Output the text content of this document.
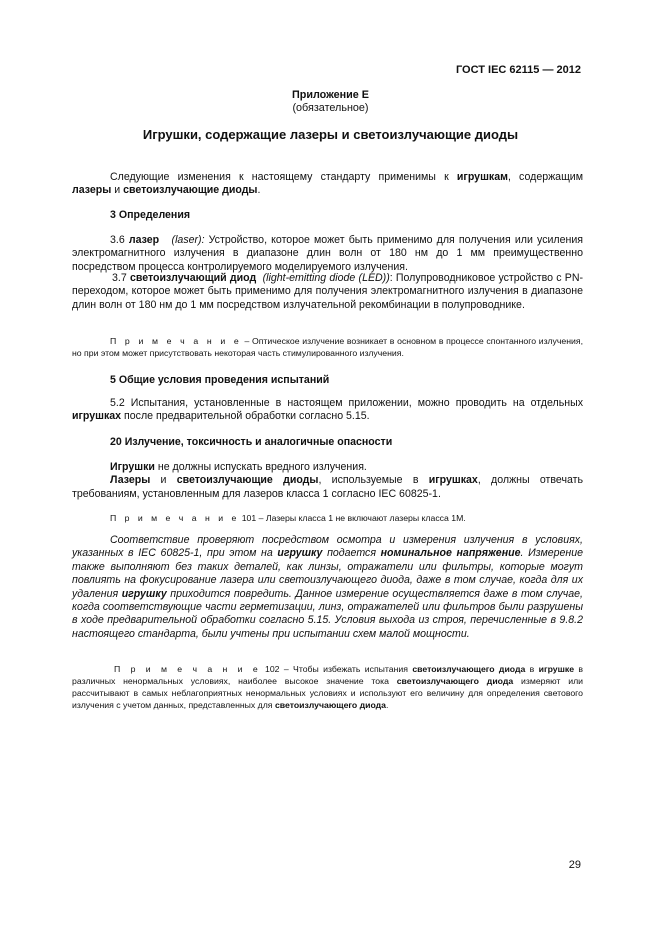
ГОСТ IEC 62115 — 2012
Приложение Е
(обязательное)
Игрушки, содержащие лазеры и светоизлучающие диоды

Следующие изменения к настоящему стандарту применимы к игрушкам, содержащим лазеры и светоизлучающие диоды.

3 Определения

3.6 лазер (laser): Устройство, которое может быть применимо для получения или усиления электромагнитного излучения в диапазоне длин волн от 180 нм до 1 мм преимущественно посредством процесса контролируемого моделируемого излучения.

3.7 светоизлучающий диод (light-emitting diode (LED)): Полупроводниковое устройство с PN-переходом, которое может быть применимо для получения электромагнитного излучения в диапазоне длин волн от 180 нм до 1 мм посредством излучательной рекомбинации в полупроводнике.

П р и м е ч а н и е – Оптическое излучение возникает в основном в процессе спонтанного излучения, но при этом может присутствовать некоторая часть стимулированного излучения.

5 Общие условия проведения испытаний

5.2 Испытания, установленные в настоящем приложении, можно проводить на отдельных игрушках после предварительной обработки согласно 5.15.

20 Излучение, токсичность и аналогичные опасности

Игрушки не должны испускать вредного излучения.

Лазеры и светоизлучающие диоды, используемые в игрушках, должны отвечать требованиям, установленным для лазеров класса 1 согласно IEC 60825-1.

П р и м е ч а н и е 101 – Лазеры класса 1 не включают лазеры класса 1М.

Соответствие проверяют посредством осмотра и измерения излучения в условиях, указанных в IEC 60825-1, при этом на игрушку подается номинальное напряжение. Измерение также выполняют без таких деталей, как линзы, отражатели или фильтры, которые могут повлиять на фокусирование лазера или светоизлучающего диода, даже в том случае, когда для их удаления игрушку приходится повредить. Данное измерение осуществляется даже в том случае, когда соответствующие части герметизации, линз, отражателей или фильтров были разрушены в ходе предварительной обработки согласно 5.15. Условия выхода из строя, перечисленные в 9.8.2 настоящего стандарта, были учтены при испытании схем малой мощности.

П р и м е ч а н и е 102 – Чтобы избежать испытания светоизлучающего диода в игрушке в различных ненормальных условиях, наиболее высокое значение тока светоизлучающего диода измеряют или рассчитывают в самых неблагоприятных ненормальных условиях и используют его величину для определения светового излучения с учетом данных, представленных для светоизлучающего диода.

29
